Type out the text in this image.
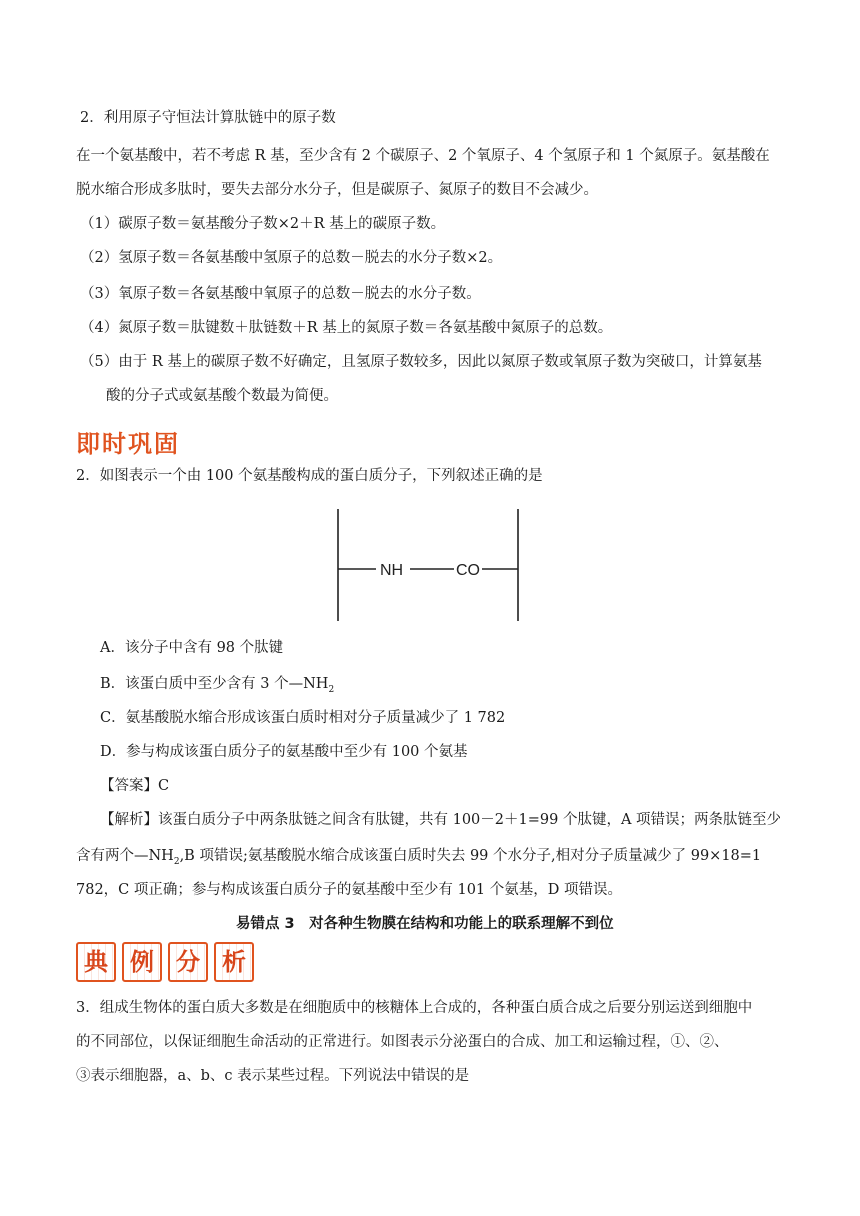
2．利用原子守恒法计算肽链中的原子数
在一个氨基酸中，若不考虑 R 基，至少含有 2 个碳原子、2 个氧原子、4 个氢原子和 1 个氮原子。氨基酸在
脱水缩合形成多肽时，要失去部分水分子，但是碳原子、氮原子的数目不会减少。
（1）碳原子数＝氨基酸分子数×2＋R 基上的碳原子数。
（2）氢原子数＝各氨基酸中氢原子的总数－脱去的水分子数×2。
（3）氧原子数＝各氨基酸中氧原子的总数－脱去的水分子数。
（4）氮原子数＝肽键数＋肽链数＋R 基上的氮原子数＝各氨基酸中氮原子的总数。
（5）由于 R 基上的碳原子数不好确定，且氢原子数较多，因此以氮原子数或氧原子数为突破口，计算氨基
酸的分子式或氨基酸个数最为简便。
即时巩固
2．如图表示一个由 100 个氨基酸构成的蛋白质分子，下列叙述正确的是
NH	CO
A．该分子中含有 98 个肽键
B．该蛋白质中至少含有 3 个$—NH_2$
C．氨基酸脱水缩合形成该蛋白质时相对分子质量减少了 1 782
D．参与构成该蛋白质分子的氨基酸中至少有 100 个氨基
【答案】C
【解析】该蛋白质分子中两条肽链之间含有肽键，共有 100－2＋1=99 个肽键，A 项错误；两条肽链至少
含有两个$—NH_2,B$ 项错误;氨基酸脱水缩合成该蛋白质时失去 99 个水分子,相对分子质量减少了 99×18=1
782，C 项正确；参与构成该蛋白质分子的氨基酸中至少有 101 个氨基，D 项错误。
易错点 3　对各种生物膜在结构和功能上的联系理解不到位
典 例 分 析
3．组成生物体的蛋白质大多数是在细胞质中的核糖体上合成的，各种蛋白质合成之后要分别运送到细胞中
的不同部位，以保证细胞生命活动的正常进行。如图表示分泌蛋白的合成、加工和运输过程，①、②、
③表示细胞器，a、b、c 表示某些过程。下列说法中错误的是
